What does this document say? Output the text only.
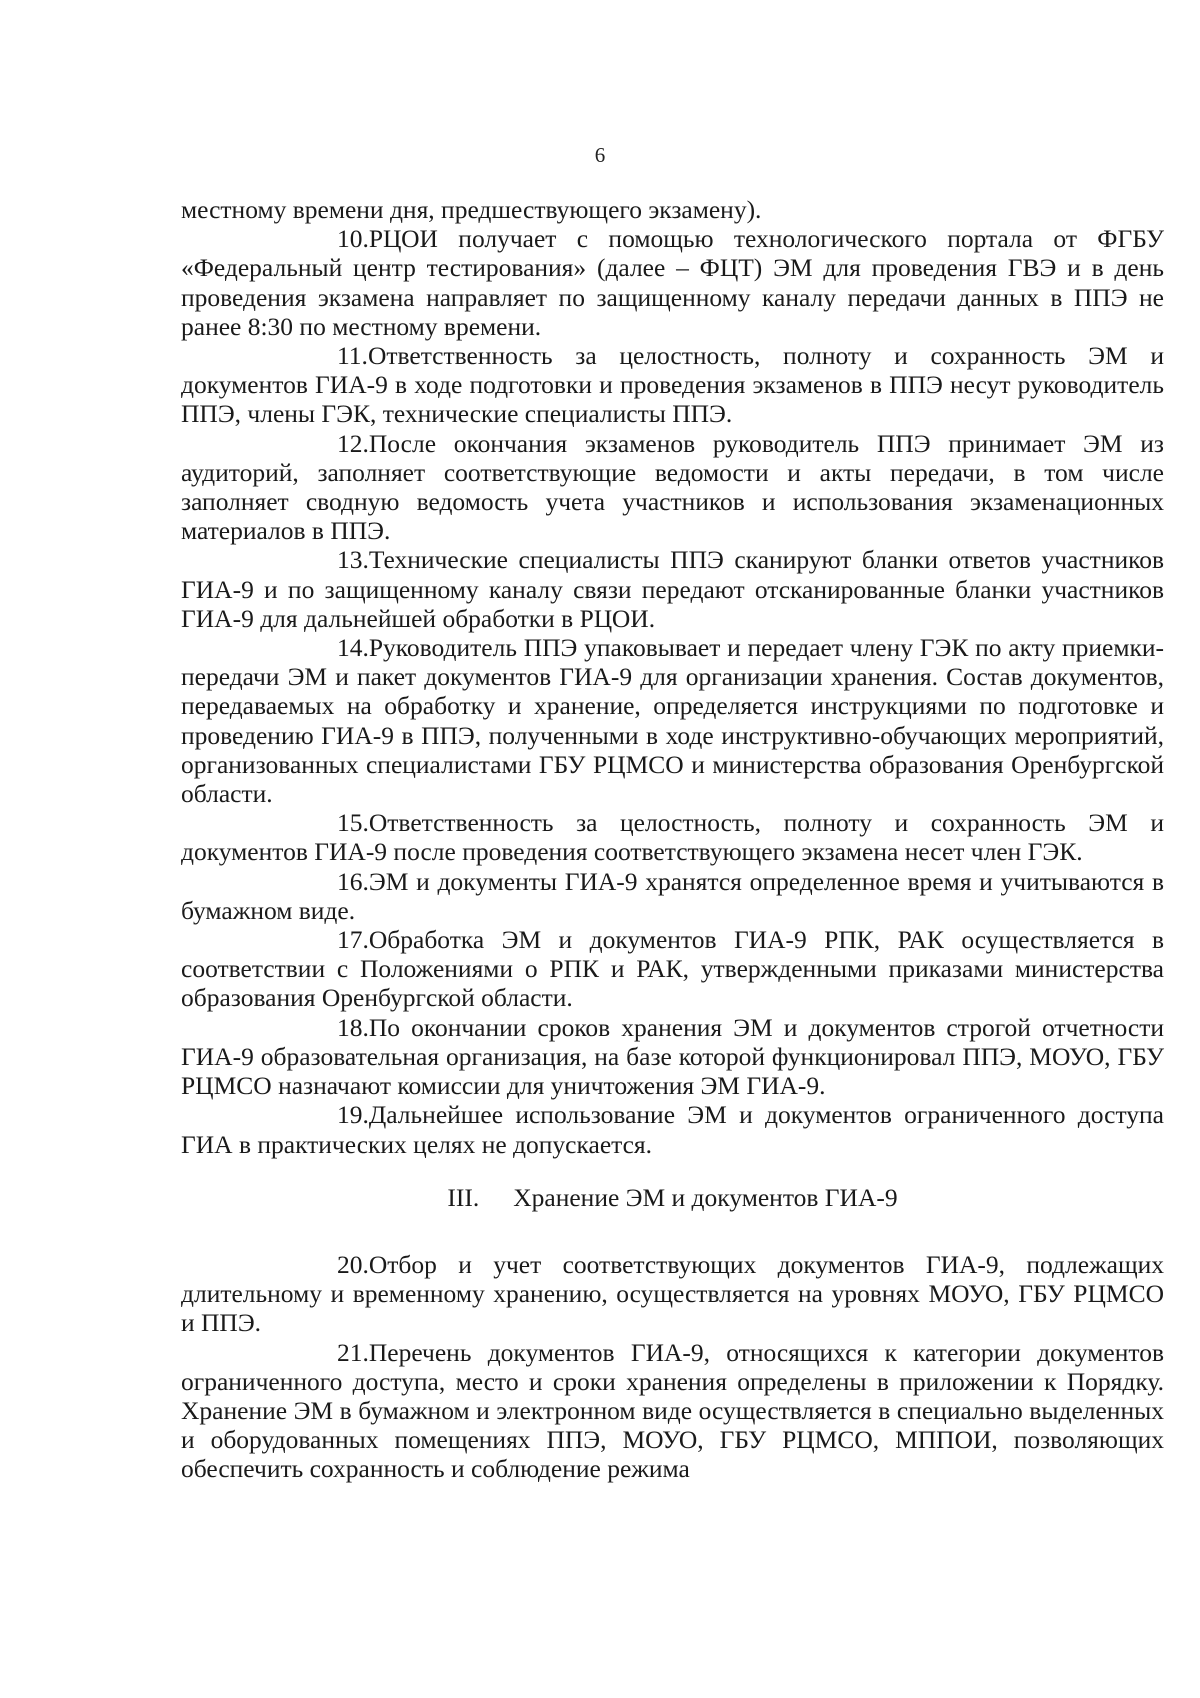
6

местному времени дня, предшествующего экзамену).

10.РЦОИ получает с помощью технологического портала от ФГБУ «Федеральный центр тестирования» (далее – ФЦТ) ЭМ для проведения ГВЭ и в день проведения экзамена направляет по защищенному каналу передачи данных в ППЭ не ранее 8:30 по местному времени.

11.Ответственность за целостность, полноту и сохранность ЭМ и документов ГИА-9 в ходе подготовки и проведения экзаменов в ППЭ несут руководитель ППЭ, члены ГЭК, технические специалисты ППЭ.

12.После окончания экзаменов руководитель ППЭ принимает ЭМ из аудиторий, заполняет соответствующие ведомости и акты передачи, в том числе заполняет сводную ведомость учета участников и использования экзаменационных материалов в ППЭ.

13.Технические специалисты ППЭ сканируют бланки ответов участников ГИА-9 и по защищенному каналу связи передают отсканированные бланки участников ГИА-9 для дальнейшей обработки в РЦОИ.

14.Руководитель ППЭ упаковывает и передает члену ГЭК по акту приемки-передачи ЭМ и пакет документов ГИА-9 для организации хранения. Состав документов, передаваемых на обработку и хранение, определяется инструкциями по подготовке и проведению ГИА-9 в ППЭ, полученными в ходе инструктивно-обучающих мероприятий, организованных специалистами ГБУ РЦМСО и министерства образования Оренбургской области.

15.Ответственность за целостность, полноту и сохранность ЭМ и документов ГИА-9 после проведения соответствующего экзамена несет член ГЭК.

16.ЭМ и документы ГИА-9 хранятся определенное время и учитываются в бумажном виде.

17.Обработка ЭМ и документов ГИА-9 РПК, РАК осуществляется в соответствии с Положениями о РПК и РАК, утвержденными приказами министерства образования Оренбургской области.

18.По окончании сроков хранения ЭМ и документов строгой отчетности ГИА-9 образовательная организация, на базе которой функционировал ППЭ, МОУО, ГБУ РЦМСО назначают комиссии для уничтожения ЭМ ГИА-9.

19.Дальнейшее использование ЭМ и документов ограниченного доступа ГИА в практических целях не допускается.

III. Хранение ЭМ и документов ГИА-9

20.Отбор и учет соответствующих документов ГИА-9, подлежащих длительному и временному хранению, осуществляется на уровнях МОУО, ГБУ РЦМСО и ППЭ.

21.Перечень документов ГИА-9, относящихся к категории документов ограниченного доступа, место и сроки хранения определены в приложении к Порядку. Хранение ЭМ в бумажном и электронном виде осуществляется в специально выделенных и оборудованных помещениях ППЭ, МОУО, ГБУ РЦМСО, МППОИ, позволяющих обеспечить сохранность и соблюдение режима
